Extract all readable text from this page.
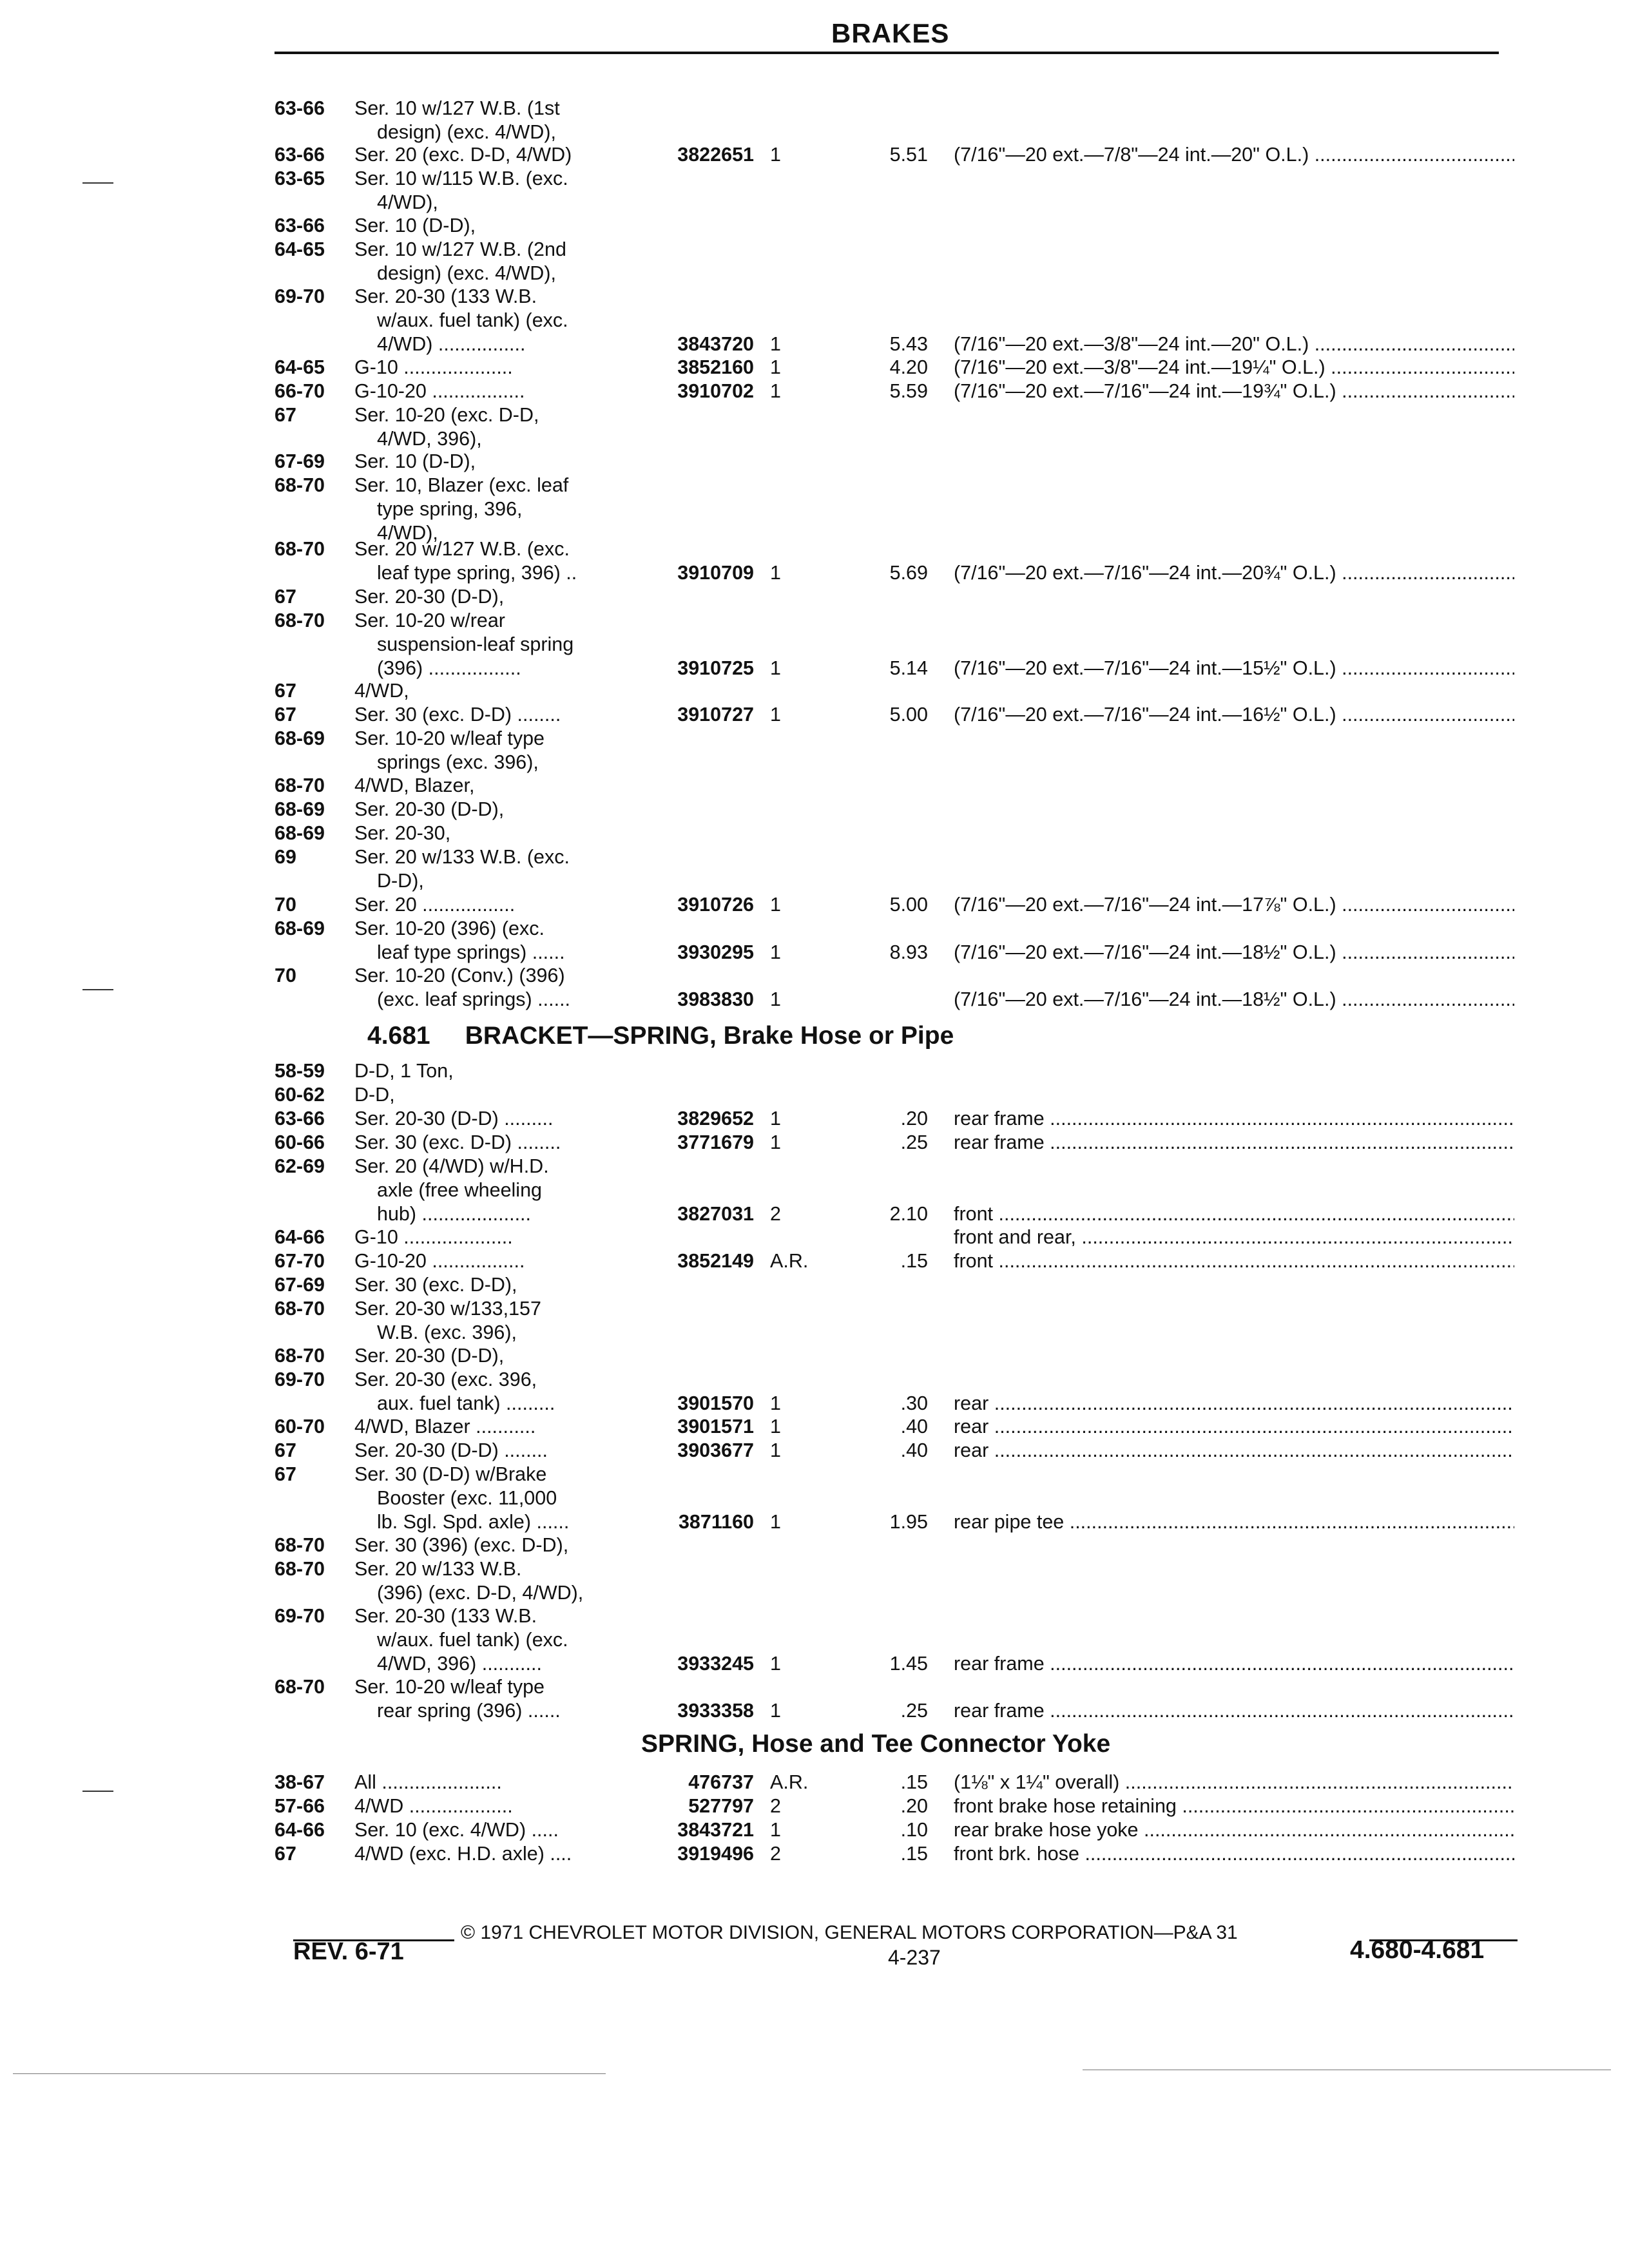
BRAKES
63-66 Ser. 10 w/127 W.B. (1st
design) (exc. 4/WD),
63-66 Ser. 20 (exc. D-D, 4/WD)	3822651 1	5.51 (7/16"—20 ext.—7/8"—24 int.—20" O.L.) .....
63-65 Ser. 10 w/115 W.B. (exc.
4/WD),
63-66 Ser. 10 (D-D),
64-65 Ser. 10 w/127 W.B. (2nd
design) (exc. 4/WD),
69-70 Ser. 20-30 (133 W.B.
w/aux. fuel tank) (exc.
4/WD) ................	3843720 1	5.43 (7/16"—20 ext.—3/8"—24 int.—20" O.L.) .....
64-65 G-10 ....................	3852160 1	4.20 (7/16"—20 ext.—3/8"—24 int.—19¼" O.L.) .....
66-70 G-10-20 .................	3910702 1	5.59 (7/16"—20 ext.—7/16"—24 int.—19¾" O.L.) .....
67	Ser. 10-20 (exc. D-D,
4/WD, 396),
67-69 Ser. 10 (D-D),
68-70 Ser. 10, Blazer (exc. leaf
type spring, 396,
4/WD),
68-70 Ser. 20 w/127 W.B. (exc.
leaf type spring, 396) ..	3910709 1	5.69 (7/16"—20 ext.—7/16"—24 int.—20¾" O.L.) .....
67	Ser. 20-30 (D-D),
68-70 Ser. 10-20 w/rear
suspension-leaf spring
(396) .................	3910725 1	5.14 (7/16"—20 ext.—7/16"—24 int.—15½" O.L.) .....
67	4/WD,
67	Ser. 30 (exc. D-D) ........	3910727 1	5.00 (7/16"—20 ext.—7/16"—24 int.—16½" O.L.) .....
68-69 Ser. 10-20 w/leaf type
springs (exc. 396),
68-70 4/WD, Blazer,
68-69 Ser. 20-30 (D-D),
68-69 Ser. 20-30,
69	Ser. 20 w/133 W.B. (exc.
D-D),
70	Ser. 20 .................	3910726 1	5.00 (7/16"—20 ext.—7/16"—24 int.—17⅞" O.L.) .....
68-69 Ser. 10-20 (396) (exc.
leaf type springs) ......	3930295 1	8.93 (7/16"—20 ext.—7/16"—24 int.—18½" O.L.) .....
70	Ser. 10-20 (Conv.) (396)
(exc. leaf springs) ......	3983830 1	(7/16"—20 ext.—7/16"—24 int.—18½" O.L.) .....
58-59 D-D, 1 Ton,
60-62 D-D,
63-66 Ser. 20-30 (D-D) .........	3829652 1	.20 rear frame .....
60-66 Ser. 30 (exc. D-D) ........	3771679 1	.25 rear frame .....
62-69 Ser. 20 (4/WD) w/H.D.
axle (free wheeling
hub) ....................	3827031 2	2.10 front .....
64-66 G-10 ....................	front and rear, .....
67-70 G-10-20 .................	3852149 A.R.	.15 front .....
67-69 Ser. 30 (exc. D-D),
68-70 Ser. 20-30 w/133,157
W.B. (exc. 396),
68-70 Ser. 20-30 (D-D),
69-70 Ser. 20-30 (exc. 396,
aux. fuel tank) .........	3901570 1	.30 rear .....
60-70 4/WD, Blazer ...........	3901571 1	.40 rear .....
67	Ser. 20-30 (D-D) ........	3903677 1	.40 rear .....
67	Ser. 30 (D-D) w/Brake
Booster (exc. 11,000
lb. Sgl. Spd. axle) ......	3871160 1	1.95 rear pipe tee .....
68-70 Ser. 30 (396) (exc. D-D),
68-70 Ser. 20 w/133 W.B.
(396) (exc. D-D, 4/WD),
69-70 Ser. 20-30 (133 W.B.
w/aux. fuel tank) (exc.
4/WD, 396) ...........	3933245 1	1.45 rear frame .....
68-70 Ser. 10-20 w/leaf type
rear spring (396) ......	3933358 1	.25 rear frame .....
38-67 All ......................	476737 A.R.	.15 (1⅛" x 1¼" overall) .....
57-66 4/WD ...................	527797 2	.20 front brake hose retaining .....
64-66 Ser. 10 (exc. 4/WD) .....	3843721 1	.10 rear brake hose yoke .....
67	4/WD (exc. H.D. axle) ....	3919496 2	.15 front brk. hose .....
4.681     BRACKET—SPRING, Brake Hose or Pipe
SPRING, Hose and Tee Connector Yoke
© 1971 CHEVROLET MOTOR DIVISION, GENERAL MOTORS CORPORATION—P&A 31
REV. 6-71	4-237	4.680-4.681
